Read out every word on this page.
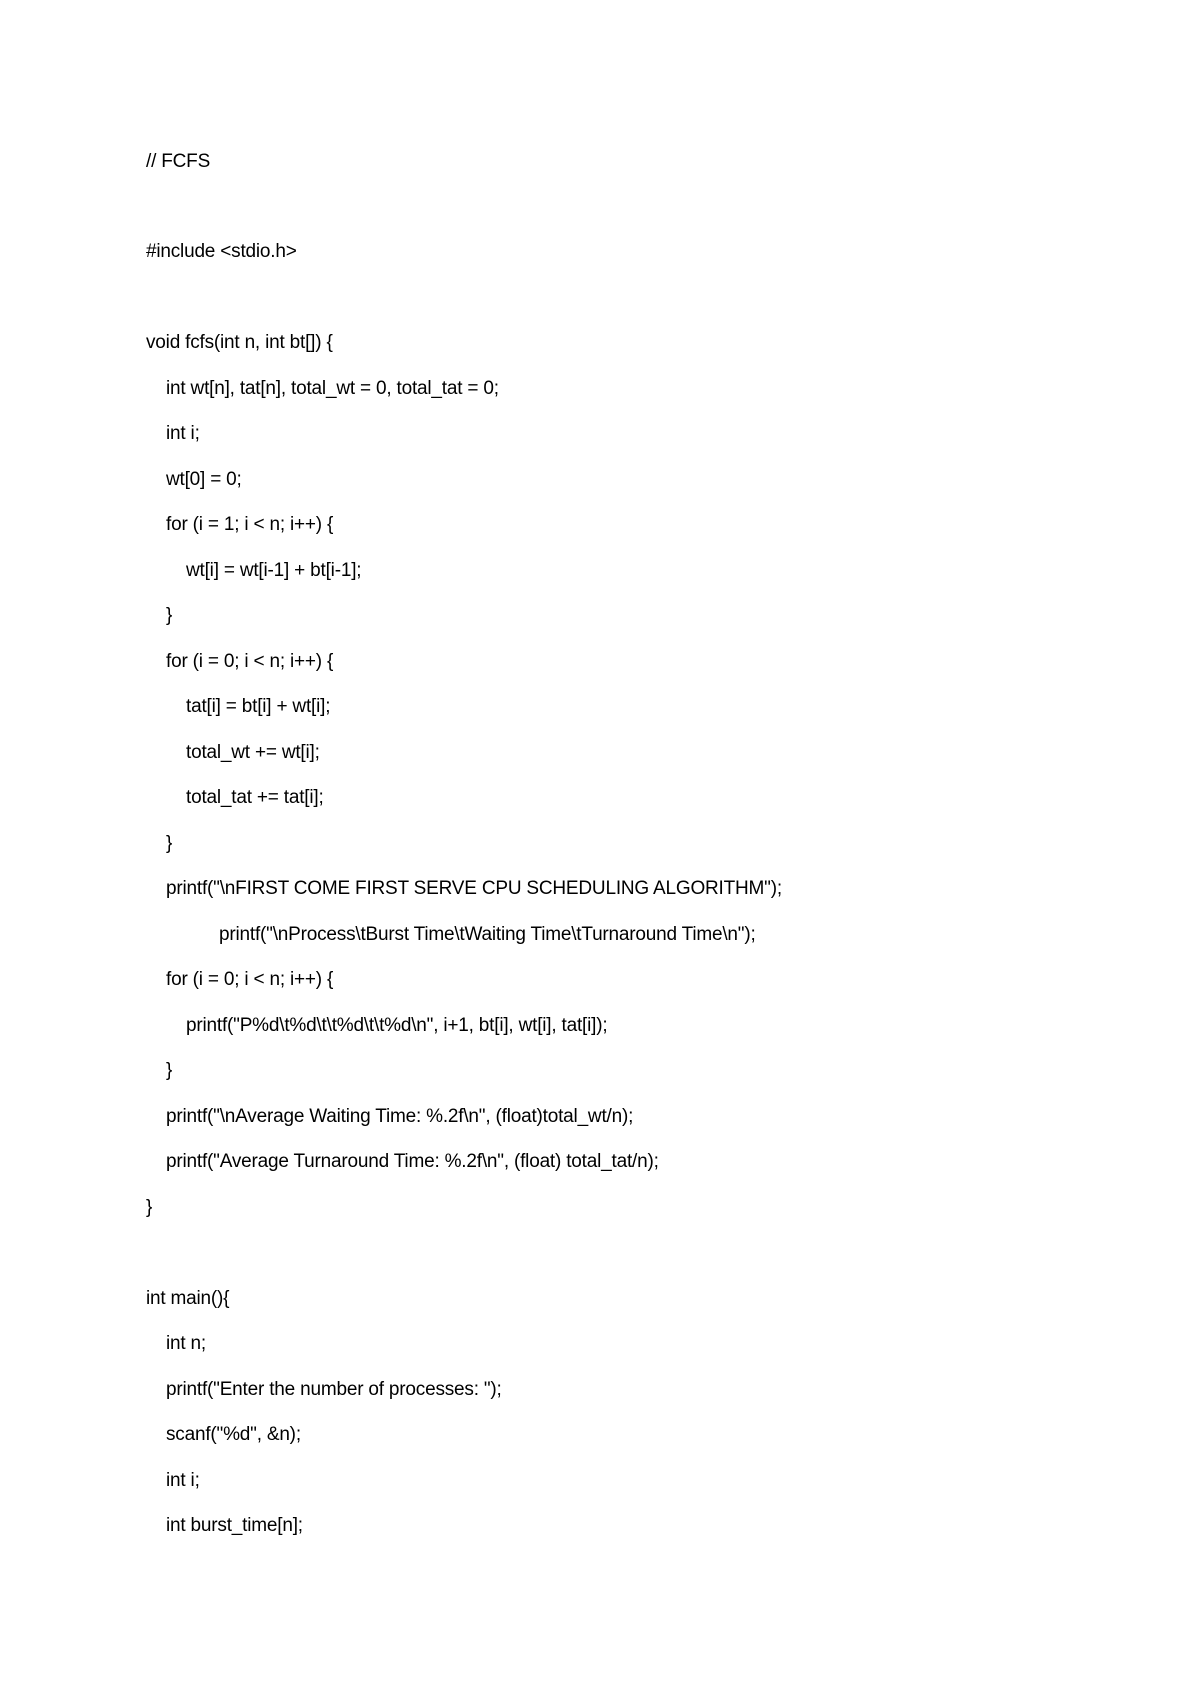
// FCFS
#include <stdio.h>
void fcfs(int n, int bt[]) {
int wt[n], tat[n], total_wt = 0, total_tat = 0;
int i;
wt[0] = 0;
for (i = 1; i < n; i++) {
wt[i] = wt[i-1] + bt[i-1];
}
for (i = 0; i < n; i++) {
tat[i] = bt[i] + wt[i];
total_wt += wt[i];
total_tat += tat[i];
}
printf("\nFIRST COME FIRST SERVE CPU SCHEDULING ALGORITHM");
printf("\nProcess\tBurst Time\tWaiting Time\tTurnaround Time\n");
for (i = 0; i < n; i++) {
printf("P%d\t%d\t\t%d\t\t%d\n", i+1, bt[i], wt[i], tat[i]);
}
printf("\nAverage Waiting Time: %.2f\n", (float)total_wt/n);
printf("Average Turnaround Time: %.2f\n", (float) total_tat/n);
}
int main(){
int n;
printf("Enter the number of processes: ");
scanf("%d", &n);
int i;
int burst_time[n];
